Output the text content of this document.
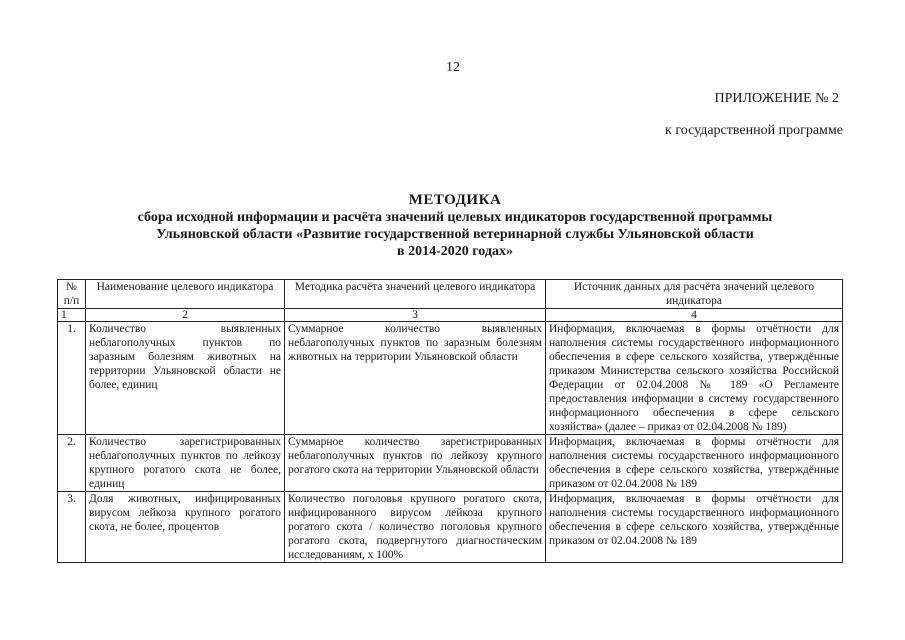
12
ПРИЛОЖЕНИЕ № 2
к государственной программе
МЕТОДИКА
сбора исходной информации и расчёта значений целевых индикаторов государственной программы
Ульяновской области «Развитие государственной ветеринарной службы Ульяновской области
в 2014-2020 годах»
№ п/п	Наименование целевого индикатора	Методика расчёта значений целевого индикатора	Источник данных для расчёта значений целевого индикатора
1	2	3	4
1.	Количество выявленных неблагополучных пунктов по заразным болезням животных на территории Ульяновской области не более, единиц	Суммарное количество выявленных неблагополучных пунктов по заразным болезням животных на территории Ульяновской области	Информация, включаемая в формы отчётности для наполнения системы государственного информационного обеспечения в сфере сельского хозяйства, утверждённые приказом Министерства сельского хозяйства Российской Федерации от 02.04.2008 № 189 «О Регламенте предоставления информации в систему государственного информационного обеспечения в сфере сельского хозяйства» (далее – приказ от 02.04.2008 № 189)
2.	Количество зарегистрированных неблагополучных пунктов по лейкозу крупного рогатого скота не более, единиц	Суммарное количество зарегистрированных неблагополучных пунктов по лейкозу крупного рогатого скота на территории Ульяновской области	Информация, включаемая в формы отчётности для наполнения системы государственного информационного обеспечения в сфере сельского хозяйства, утверждённые приказом от 02.04.2008 № 189
3.	Доля животных, инфицированных вирусом лейкоза крупного рогатого скота, не более, процентов	Количество поголовья крупного рогатого скота, инфицированного вирусом лейкоза крупного рогатого скота / количество поголовья крупного рогатого скота, подвергнутого диагностическим исследованиям, х 100%	Информация, включаемая в формы отчётности для наполнения системы государственного информационного обеспечения в сфере сельского хозяйства, утверждённые приказом от 02.04.2008 № 189
